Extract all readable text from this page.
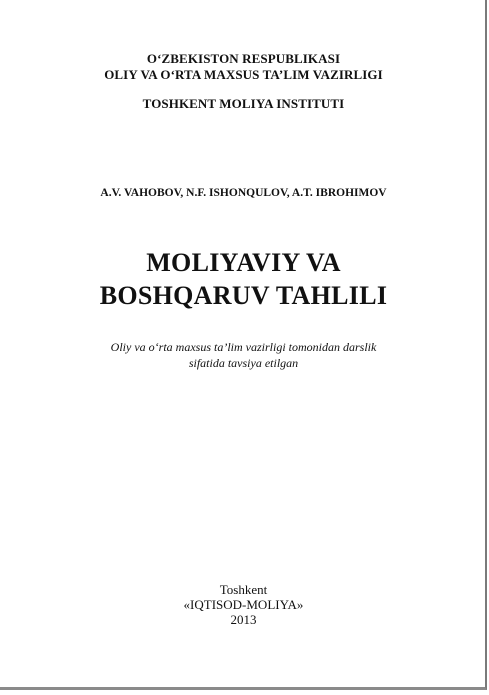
O‘ZBEKISTON RESPUBLIKASI
OLIY VA O‘RTA MAXSUS TA’LIM VAZIRLIGI
TOSHKENT MOLIYA INSTITUTI
A.V. VAHOBOV, N.F. ISHONQULOV, A.T. IBROHIMOV
MOLIYAVIY VA
BOSHQARUV TAHLILI
Oliy va o‘rta maxsus ta’lim vazirligi tomonidan darslik
sifatida tavsiya etilgan
Toshkent
«IQTISOD-MOLIYA»
2013
